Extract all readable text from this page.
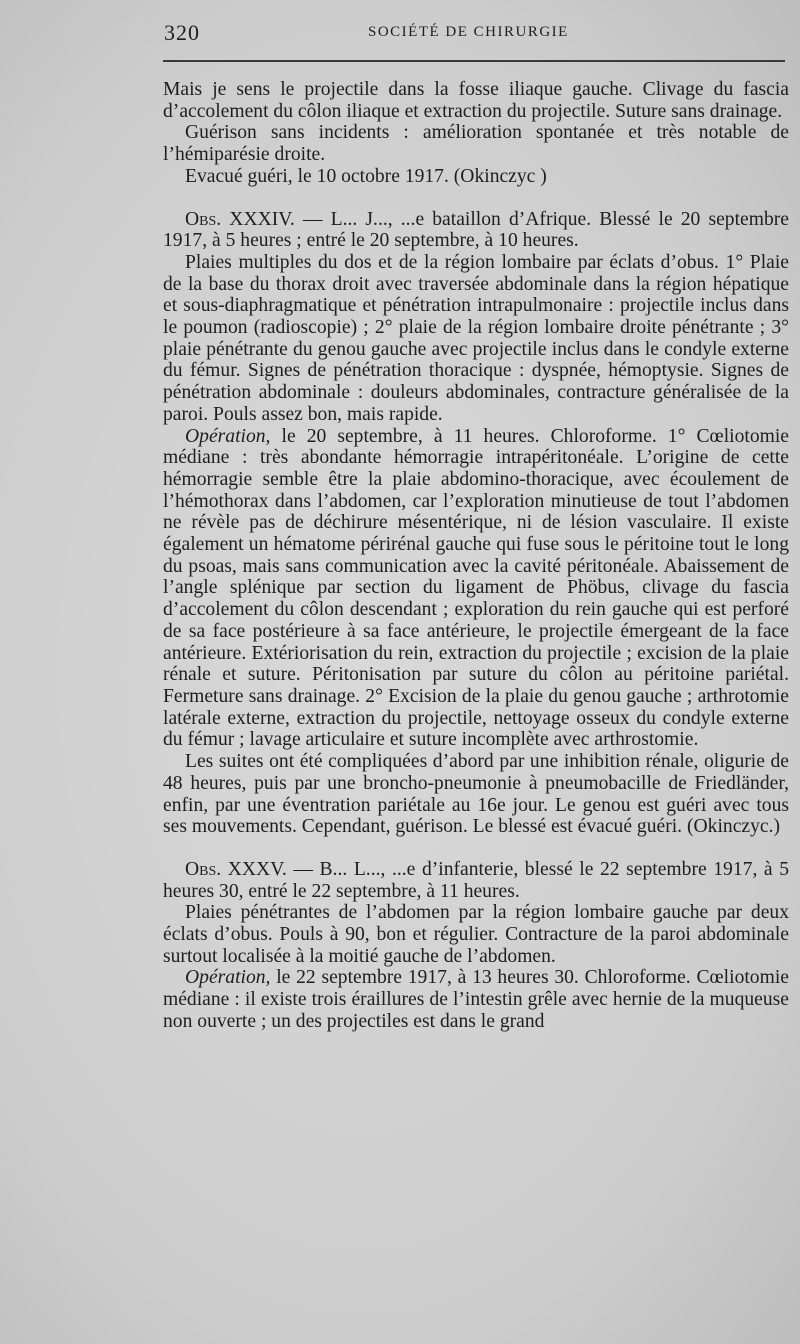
320	SOCIÉTÉ DE CHIRURGIE

Mais je sens le projectile dans la fosse iliaque gauche. Clivage du fascia d’accolement du côlon iliaque et extraction du projectile. Suture sans drainage.

Guérison sans incidents : amélioration spontanée et très notable de l’hémiparésie droite.

Evacué guéri, le 10 octobre 1917. (Okinczyc )

Obs. XXXIV. — L... J..., ...e bataillon d’Afrique. Blessé le 20 septembre 1917, à 5 heures ; entré le 20 septembre, à 10 heures.

Plaies multiples du dos et de la région lombaire par éclats d’obus. 1° Plaie de la base du thorax droit avec traversée abdominale dans la région hépatique et sous-diaphragmatique et pénétration intrapulmonaire : projectile inclus dans le poumon (radioscopie) ; 2° plaie de la région lombaire droite pénétrante ; 3° plaie pénétrante du genou gauche avec projectile inclus dans le condyle externe du fémur. Signes de pénétration thoracique : dyspnée, hémoptysie. Signes de pénétration abdominale : douleurs abdominales, contracture généralisée de la paroi. Pouls assez bon, mais rapide.

Opération, le 20 septembre, à 11 heures. Chloroforme. 1° Cœliotomie médiane : très abondante hémorragie intrapéritonéale. L’origine de cette hémorragie semble être la plaie abdomino-thoracique, avec écoulement de l’hémothorax dans l’abdomen, car l’exploration minutieuse de tout l’abdomen ne révèle pas de déchirure mésentérique, ni de lésion vasculaire. Il existe également un hématome périrénal gauche qui fuse sous le péritoine tout le long du psoas, mais sans communication avec la cavité péritonéale. Abaissement de l’angle splénique par section du ligament de Phöbus, clivage du fascia d’accolement du côlon descendant ; exploration du rein gauche qui est perforé de sa face postérieure à sa face antérieure, le projectile émergeant de la face antérieure. Extériorisation du rein, extraction du projectile ; excision de la plaie rénale et suture. Péritonisation par suture du côlon au péritoine pariétal. Fermeture sans drainage. 2° Excision de la plaie du genou gauche ; arthrotomie latérale externe, extraction du projectile, nettoyage osseux du condyle externe du fémur ; lavage articulaire et suture incomplète avec arthrostomie.

Les suites ont été compliquées d’abord par une inhibition rénale, oligurie de 48 heures, puis par une broncho-pneumonie à pneumobacille de Friedländer, enfin, par une éventration pariétale au 16e jour. Le genou est guéri avec tous ses mouvements. Cependant, guérison. Le blessé est évacué guéri. (Okinczyc.)

Obs. XXXV. — B... L..., ...e d’infanterie, blessé le 22 septembre 1917, à 5 heures 30, entré le 22 septembre, à 11 heures.

Plaies pénétrantes de l’abdomen par la région lombaire gauche par deux éclats d’obus. Pouls à 90, bon et régulier. Contracture de la paroi abdominale surtout localisée à la moitié gauche de l’abdomen.

Opération, le 22 septembre 1917, à 13 heures 30. Chloroforme. Cœliotomie médiane : il existe trois éraillures de l’intestin grêle avec hernie de la muqueuse non ouverte ; un des projectiles est dans le grand
